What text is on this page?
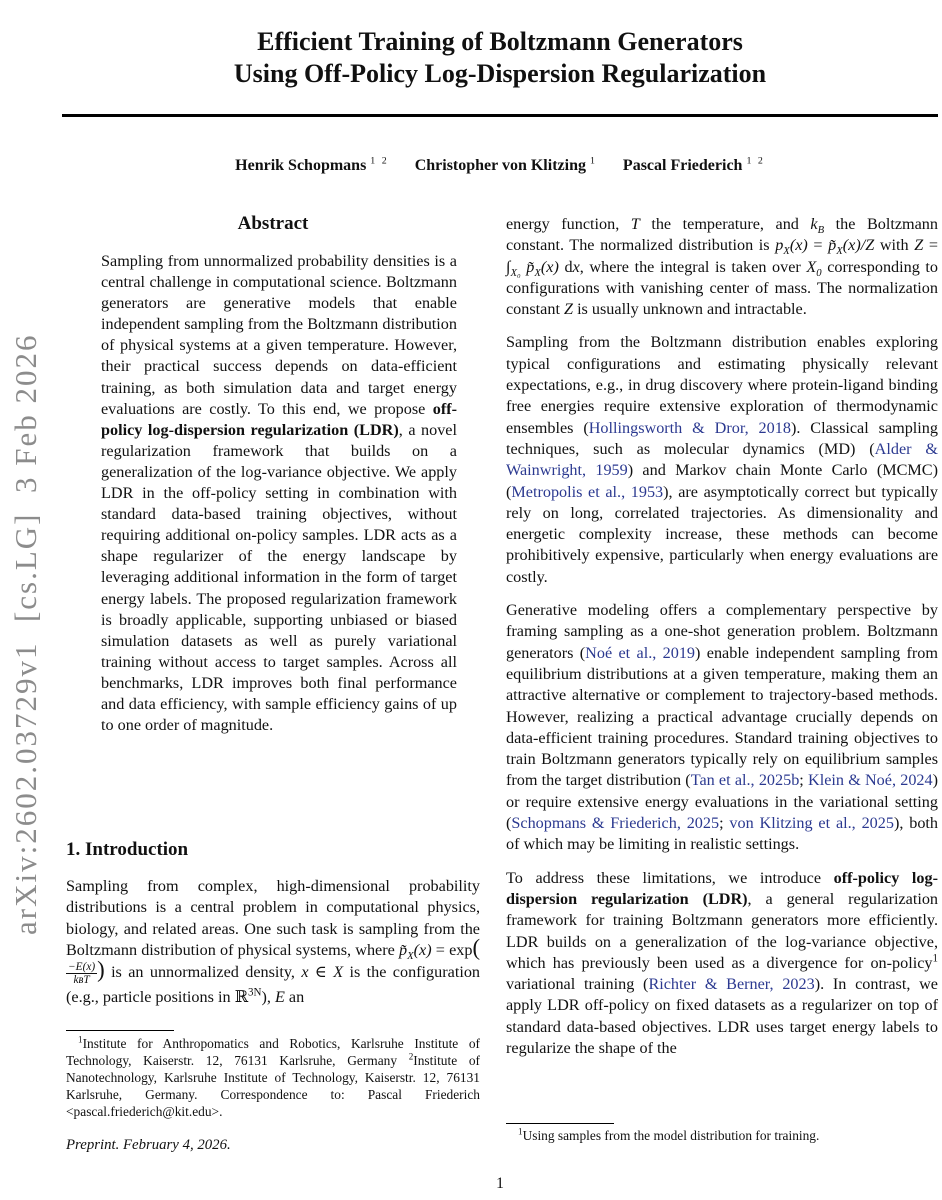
arXiv:2602.03729v1  [cs.LG]  3 Feb 2026
Efficient Training of Boltzmann Generators
Using Off-Policy Log-Dispersion Regularization
Henrik Schopmans $^{1 2}$ Christopher von Klitzing $^1$ Pascal Friederich $^{1 2}$
Abstract

Sampling from unnormalized probability densities is a central challenge in computational science. Boltzmann generators are generative models that enable independent sampling from the Boltzmann distribution of physical systems at a given temperature. However, their practical success depends on data-efficient training, as both simulation data and target energy evaluations are costly. To this end, we propose off-policy log-dispersion regularization (LDR), a novel regularization framework that builds on a generalization of the log-variance objective. We apply LDR in the off-policy setting in combination with standard data-based training objectives, without requiring additional on-policy samples. LDR acts as a shape regularizer of the energy landscape by leveraging additional information in the form of target energy labels. The proposed regularization framework is broadly applicable, supporting unbiased or biased simulation datasets as well as purely variational training without access to target samples. Across all benchmarks, LDR improves both final performance and data efficiency, with sample efficiency gains of up to one order of magnitude.

1. Introduction

Sampling from complex, high-dimensional probability distributions is a central problem in computational physics, biology, and related areas. One such task is sampling from the Boltzmann distribution of physical systems, where $p̃_X(x) = \exp$(
$\frac{-E(x)}{\text{kʙT}}$ ) is an unnormalized density, x ∈ X is the configuration (e.g., particle positions in ℝ$^{3N}$), E an

$^1$Institute for Anthropomatics and Robotics, Karlsruhe Institute of Technology, Kaiserstr. 12, 76131 Karlsruhe, Germany $^2$Institute of Nanotechnology, Karlsruhe Institute of Technology, Kaiserstr. 12, 76131 Karlsruhe, Germany. Correspondence to: Pascal Friederich <pascal.friederich@kit.edu>.

Preprint. February 4, 2026.

energy function, T the temperature, and $k_B$ the Boltzmann constant. The normalized distribution is $p_X(x)$ = $p̃_X(x)/Z$ with $Z = \int_{X_0}$ $p̃_X(x)$ dx, where the integral is taken over $X_0$ corresponding to configurations with vanishing center of mass. The normalization constant Z is usually unknown and intractable.

Sampling from the Boltzmann distribution enables exploring typical configurations and estimating physically relevant expectations, e.g., in drug discovery where protein-ligand binding free energies require extensive exploration of thermodynamic ensembles (Hollingsworth & Dror, 2018). Classical sampling techniques, such as molecular dynamics (MD) (Alder & Wainwright, 1959) and Markov chain Monte Carlo (MCMC) (Metropolis et al., 1953), are asymptotically correct but typically rely on long, correlated trajectories. As dimensionality and energetic complexity increase, these methods can become prohibitively expensive, particularly when energy evaluations are costly.

Generative modeling offers a complementary perspective by framing sampling as a one-shot generation problem. Boltzmann generators (Noé et al., 2019) enable independent sampling from equilibrium distributions at a given temperature, making them an attractive alternative or complement to trajectory-based methods. However, realizing a practical advantage crucially depends on data-efficient training procedures. Standard training objectives to train Boltzmann generators typically rely on equilibrium samples from the target distribution (Tan et al., 2025b; Klein & Noé, 2024) or require extensive energy evaluations in the variational setting (Schopmans & Friederich, 2025; von Klitzing et al., 2025), both of which may be limiting in realistic settings.

To address these limitations, we introduce off-policy log-dispersion regularization (LDR), a general regularization framework for training Boltzmann generators more efficiently. LDR builds on a generalization of the log-variance objective, which has previously been used as a divergence for on-policy$^1$ variational training (Richter & Berner, 2023). In contrast, we apply LDR off-policy on fixed datasets as a regularizer on top of standard data-based objectives. LDR uses target energy labels to regularize the shape of the

$^1$Using samples from the model distribution for training.

1
